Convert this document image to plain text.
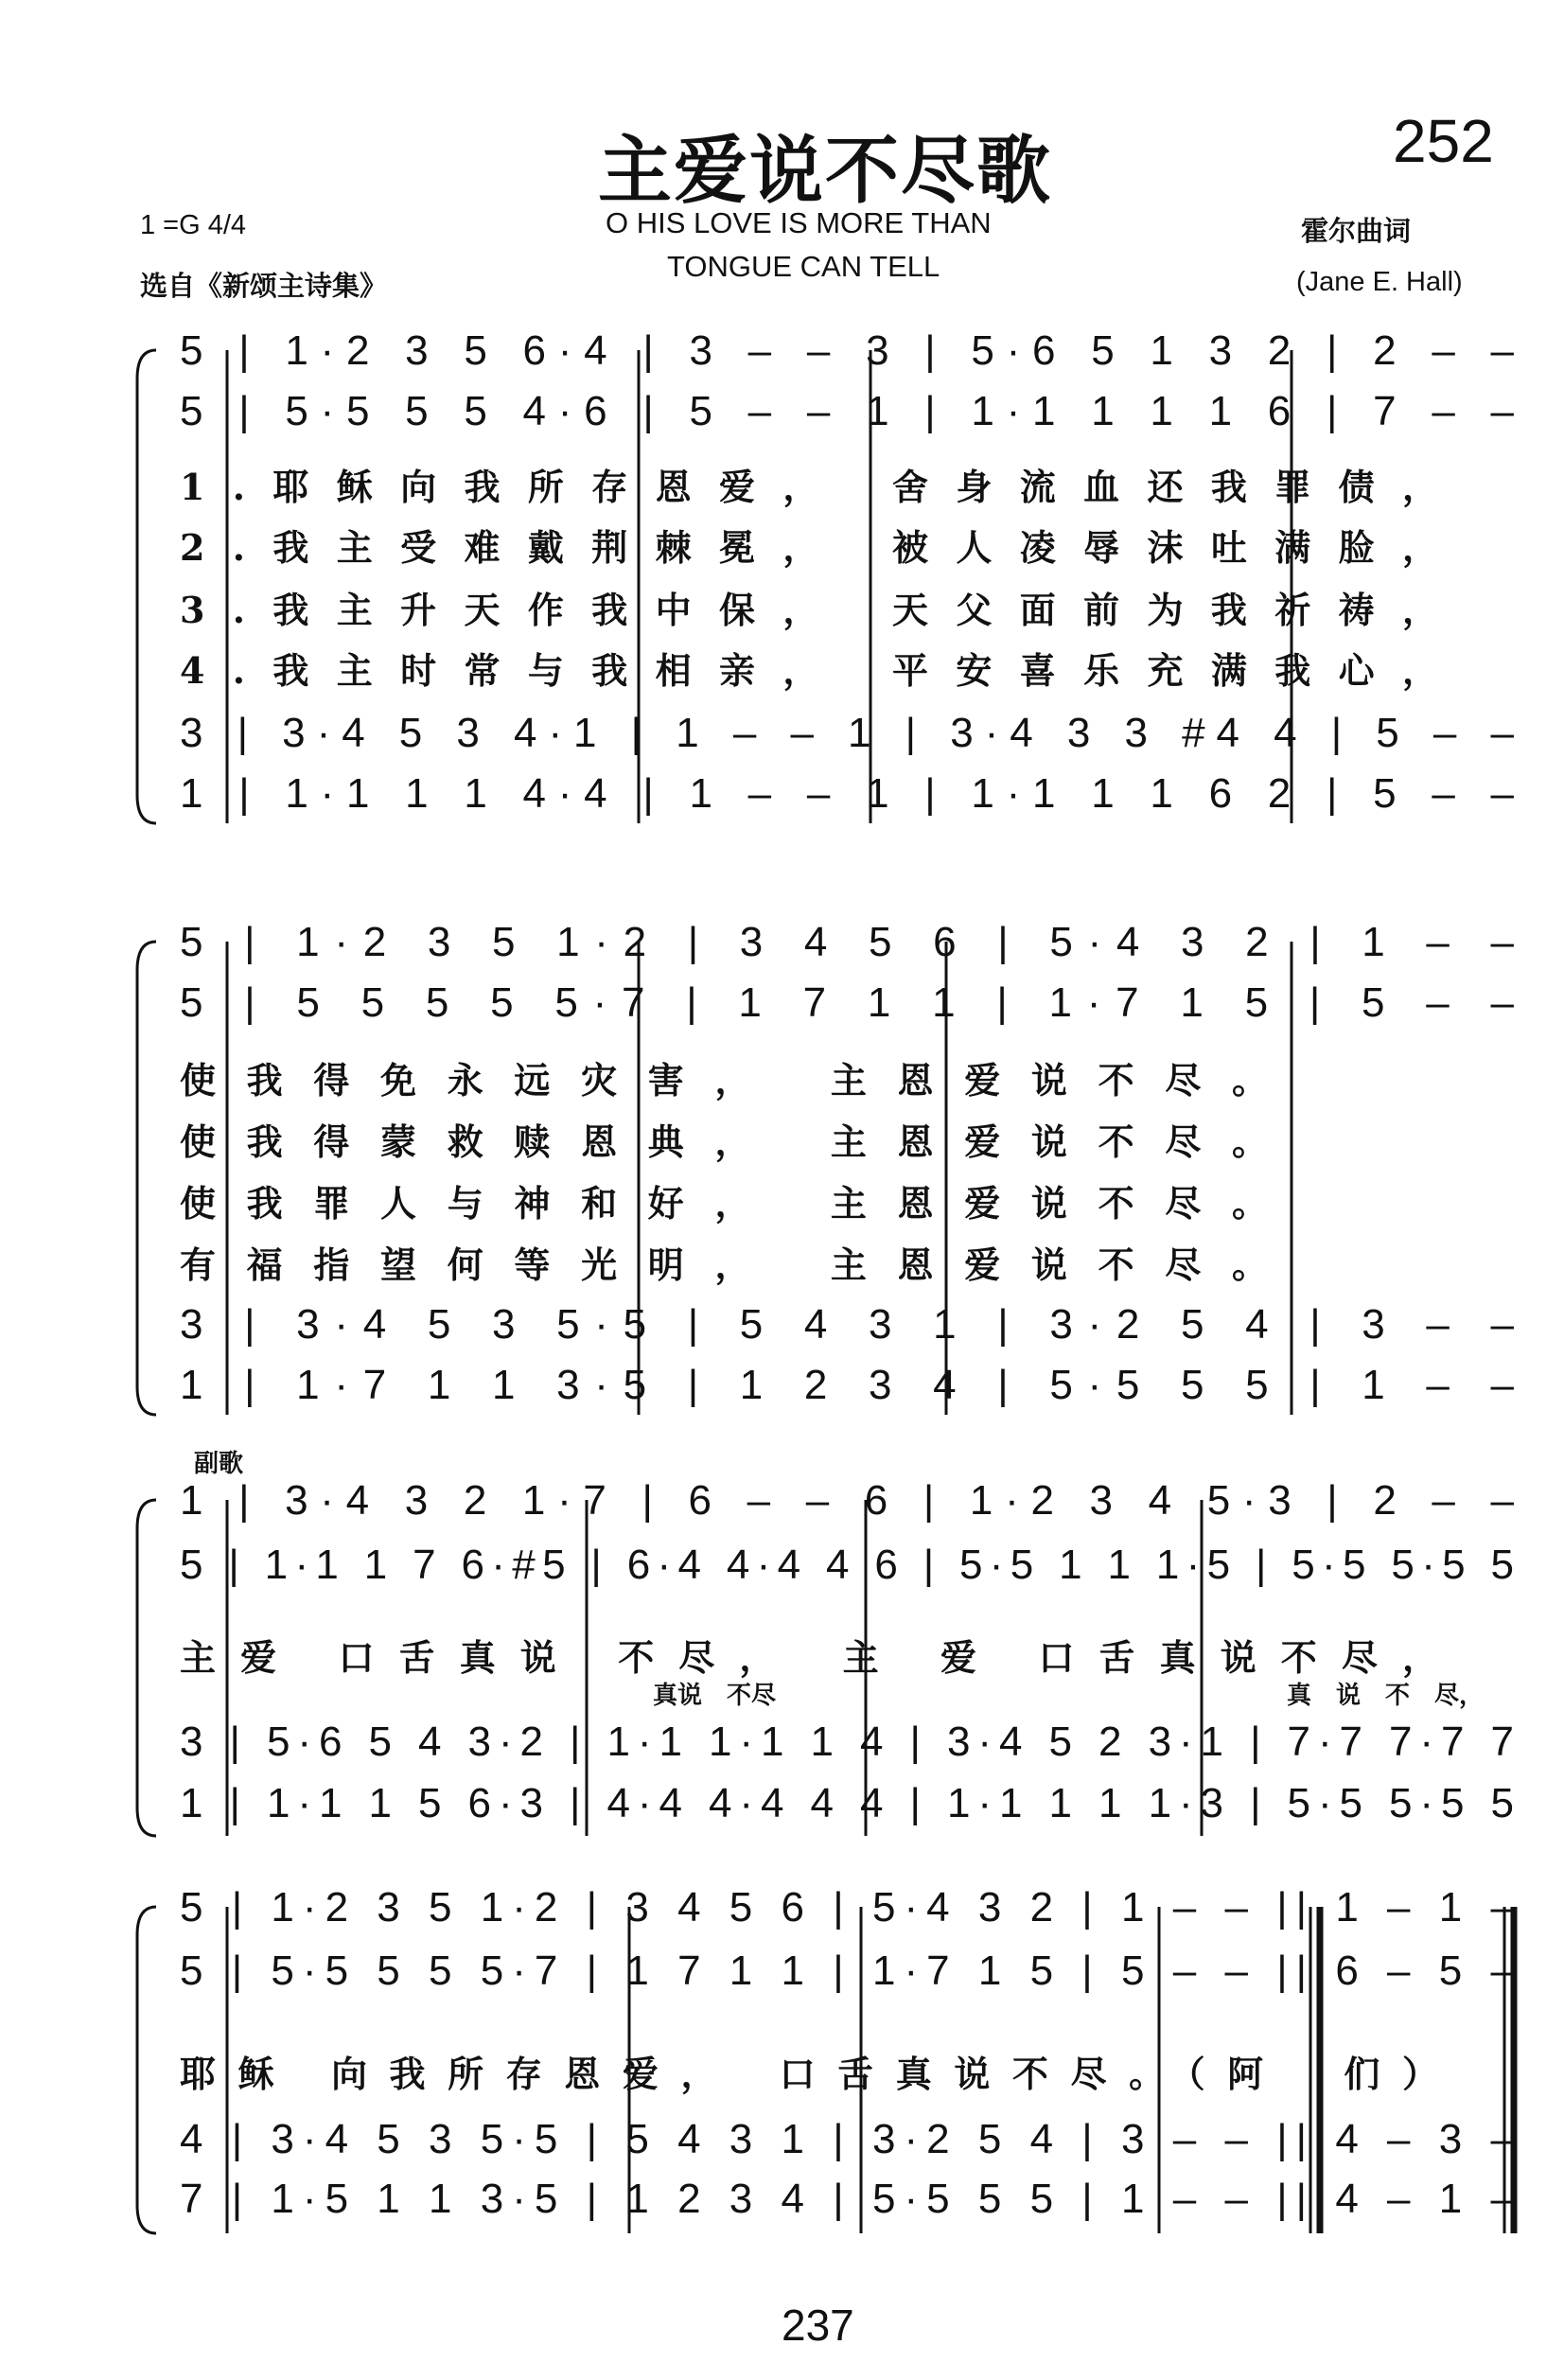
主爱说不尽歌	252
1 =G 4/4	O HIS LOVE IS MORE THAN
TONGUE CAN TELL
选自《新颂主诗集》
霍尔曲词
(Jane E. Hall)
5 | 1·2 3 5 6·4 | 3 – – 3 | 5·6 5 1 3 2 | 2 – –
5 | 5·5 5 5 4·6 | 5 – – 1 | 1·1 1 1 1 6 | 7 – –
3 | 3·4 5 3 4·1 | 1 – – 1 | 3·4 3 3 #4 4 | 5 – –
1 | 1·1 1 1 4·4 | 1 – – 1 | 1·1 1 1 6 2 | 5 – –
1.耶稣向我所存恩爱，　舍身流血还我罪债，
2.我主受难戴荆棘冕，　被人凌辱沫吐满脸，
3.我主升天作我中保，　天父面前为我祈祷，
4.我主时常与我相亲，　平安喜乐充满我心，
5 | 1·2 3 5 1·2 | 3 4 5 6 | 5·4 3 2 | 1 – –
5 | 5 5 5 5 5·7 | 1 7 1 1 | 1·7 1 5 | 5 – –
3 | 3·4 5 3 5·5 | 5 4 3 1 | 3·2 5 4 | 3 – –
1 | 1·7 1 1 3·5 | 1 2 3 4 | 5·5 5 5 | 1 – –
使我得免永远灾害，　主恩爱说不尽。
使我得蒙救赎恩典，　主恩爱说不尽。
使我罪人与神和好，　主恩爱说不尽。
有福指望何等光明，　主恩爱说不尽。
1 | 3·4 3 2 1·7 | 6 – – 6 | 1·2 3 4 5·3 | 2 – –
5 | 1·1 1 7 6·#5 | 6·4 4·4 4 6 | 5·5 1 1 1·5 | 5·5 5·5 5
3 | 5·6 5 4 3·2 | 1·1 1·1 1 4 | 3·4 5 2 3·1 | 7·7 7·7 7
1 | 1·1 1 5 6·3 | 4·4 4·4 4 4 | 1·1 1 1 1·3 | 5·5 5·5 5
主爱 口舌真说 不尽，　主 爱 口舌真说不尽，
副歌
真说　不尽	真　说　不　尽，
5 | 1·2 3 5 1·2 | 3 4 5 6 | 5·4 3 2 | 1 – – || 1 – 1 –
5 | 5·5 5 5 5·7 | 1 7 1 1 | 1·7 1 5 | 5 – – || 6 – 5 –
4 | 3·4 5 3 5·5 | 5 4 3 1 | 3·2 5 4 | 3 – – || 4 – 3 –
7 | 1·5 1 1 3·5 | 1 2 3 4 | 5·5 5 5 | 1 – – || 4 – 1 –
耶稣 向我所存恩爱，　口舌真说不尽。（阿　们）
237
